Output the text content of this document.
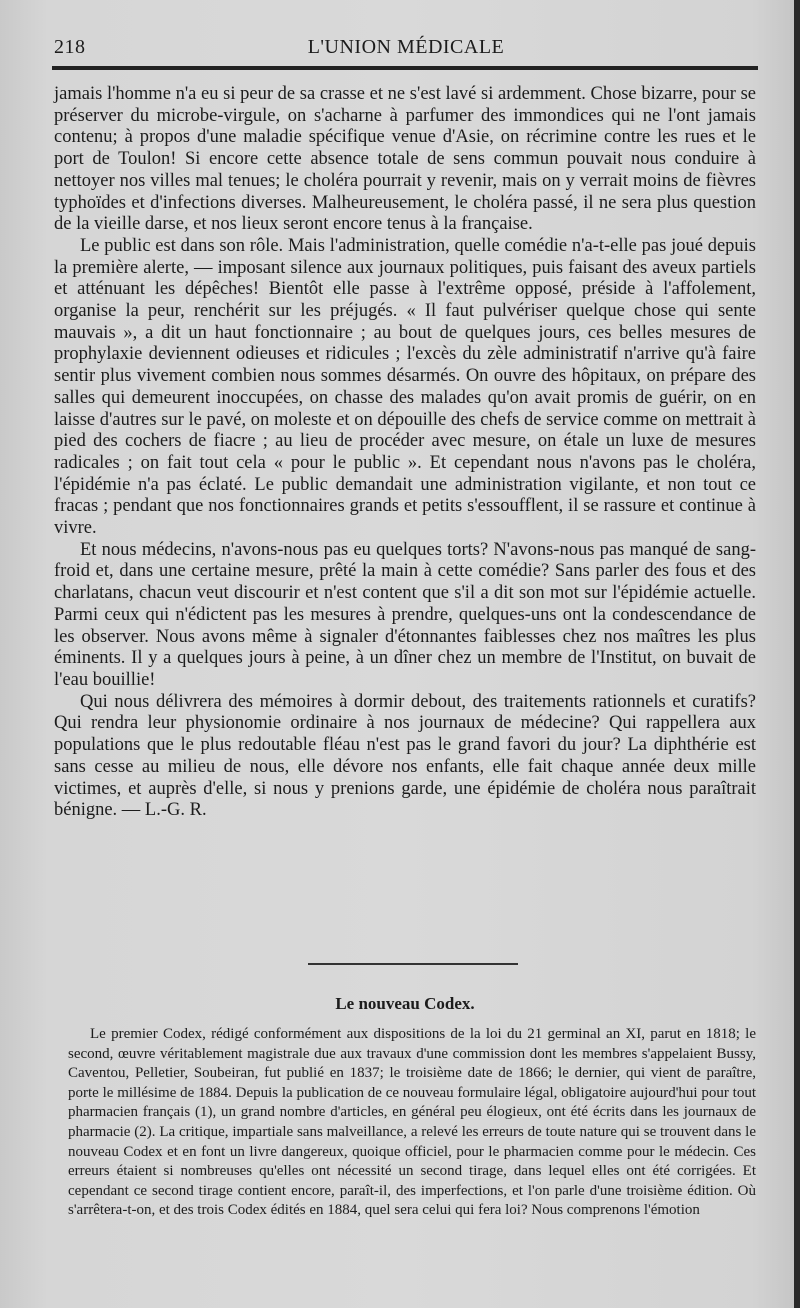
218	L'UNION MÉDICALE

jamais l'homme n'a eu si peur de sa crasse et ne s'est lavé si ardemment. Chose bizarre, pour se préserver du microbe-virgule, on s'acharne à parfumer des immondices qui ne l'ont jamais contenu; à propos d'une maladie spécifique venue d'Asie, on récrimine contre les rues et le port de Toulon! Si encore cette absence totale de sens commun pouvait nous conduire à nettoyer nos villes mal tenues; le choléra pourrait y revenir, mais on y verrait moins de fièvres typhoïdes et d'infections diverses. Malheureusement, le choléra passé, il ne sera plus question de la vieille darse, et nos lieux seront encore tenus à la française.

Le public est dans son rôle. Mais l'administration, quelle comédie n'a-t-elle pas joué depuis la première alerte, — imposant silence aux journaux politiques, puis faisant des aveux partiels et atténuant les dépêches! Bientôt elle passe à l'extrême opposé, préside à l'affolement, organise la peur, renchérit sur les préjugés. « Il faut pulvériser quelque chose qui sente mauvais », a dit un haut fonctionnaire ; au bout de quelques jours, ces belles mesures de prophylaxie deviennent odieuses et ridicules ; l'excès du zèle administratif n'arrive qu'à faire sentir plus vivement combien nous sommes désarmés. On ouvre des hôpitaux, on prépare des salles qui demeurent inoccupées, on chasse des malades qu'on avait promis de guérir, on en laisse d'autres sur le pavé, on moleste et on dépouille des chefs de service comme on mettrait à pied des cochers de fiacre ; au lieu de procéder avec mesure, on étale un luxe de mesures radicales ; on fait tout cela « pour le public ». Et cependant nous n'avons pas le choléra, l'épidémie n'a pas éclaté. Le public demandait une administration vigilante, et non tout ce fracas ; pendant que nos fonctionnaires grands et petits s'essoufflent, il se rassure et continue à vivre.

Et nous médecins, n'avons-nous pas eu quelques torts? N'avons-nous pas manqué de sang-froid et, dans une certaine mesure, prêté la main à cette comédie? Sans parler des fous et des charlatans, chacun veut discourir et n'est content que s'il a dit son mot sur l'épidémie actuelle. Parmi ceux qui n'édictent pas les mesures à prendre, quelques-uns ont la condescendance de les observer. Nous avons même à signaler d'étonnantes faiblesses chez nos maîtres les plus éminents. Il y a quelques jours à peine, à un dîner chez un membre de l'Institut, on buvait de l'eau bouillie!

Qui nous délivrera des mémoires à dormir debout, des traitements rationnels et curatifs? Qui rendra leur physionomie ordinaire à nos journaux de médecine? Qui rappellera aux populations que le plus redoutable fléau n'est pas le grand favori du jour? La diphthérie est sans cesse au milieu de nous, elle dévore nos enfants, elle fait chaque année deux mille victimes, et auprès d'elle, si nous y prenions garde, une épidémie de choléra nous paraîtrait bénigne. — L.-G. R.

Le nouveau Codex.

Le premier Codex, rédigé conformément aux dispositions de la loi du 21 germinal an XI, parut en 1818; le second, œuvre véritablement magistrale due aux travaux d'une commission dont les membres s'appelaient Bussy, Caventou, Pelletier, Soubeiran, fut publié en 1837; le troisième date de 1866; le dernier, qui vient de paraître, porte le millésime de 1884. Depuis la publication de ce nouveau formulaire légal, obligatoire aujourd'hui pour tout pharmacien français (1), un grand nombre d'articles, en général peu élogieux, ont été écrits dans les journaux de pharmacie (2). La critique, impartiale sans malveillance, a relevé les erreurs de toute nature qui se trouvent dans le nouveau Codex et en font un livre dangereux, quoique officiel, pour le pharmacien comme pour le médecin. Ces erreurs étaient si nombreuses qu'elles ont nécessité un second tirage, dans lequel elles ont été corrigées. Et cependant ce second tirage contient encore, paraît-il, des imperfections, et l'on parle d'une troisième édition. Où s'arrêtera-t-on, et des trois Codex édités en 1884, quel sera celui qui fera loi? Nous comprenons l'émotion
